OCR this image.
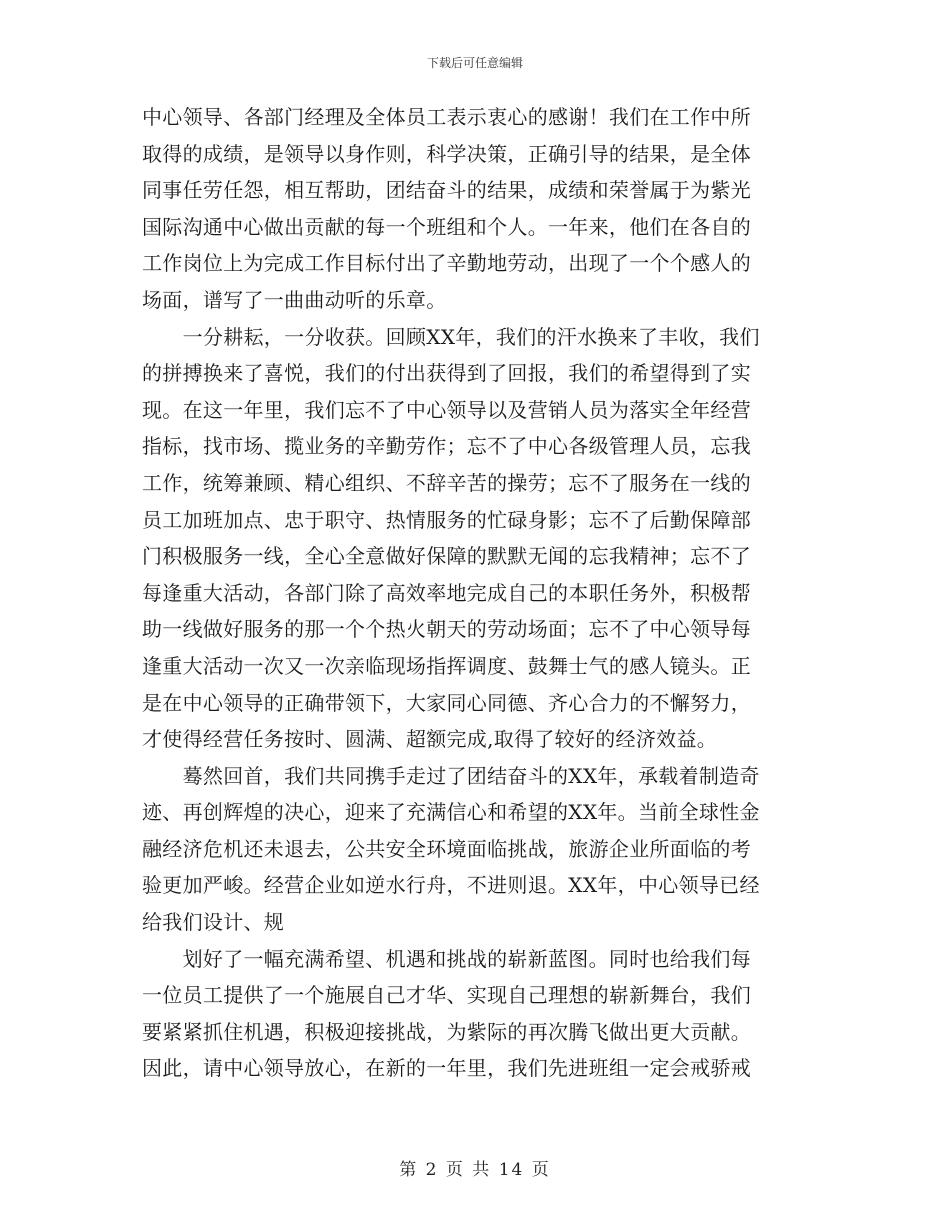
下载后可任意编辑
中心领导、各部门经理及全体员工表示衷心的感谢！我们在工作中所
取得的成绩，是领导以身作则，科学决策，正确引导的结果，是全体
同事任劳任怨，相互帮助，团结奋斗的结果，成绩和荣誉属于为紫光
国际沟通中心做出贡献的每一个班组和个人。一年来，他们在各自的
工作岗位上为完成工作目标付出了辛勤地劳动，出现了一个个感人的
场面，谱写了一曲曲动听的乐章。
　　一分耕耘，一分收获。回顾XX年，我们的汗水换来了丰收，我们
的拼搏换来了喜悦，我们的付出获得到了回报，我们的希望得到了实
现。在这一年里，我们忘不了中心领导以及营销人员为落实全年经营
指标，找市场、揽业务的辛勤劳作；忘不了中心各级管理人员，忘我
工作，统筹兼顾、精心组织、不辞辛苦的操劳；忘不了服务在一线的
员工加班加点、忠于职守、热情服务的忙碌身影；忘不了后勤保障部
门积极服务一线，全心全意做好保障的默默无闻的忘我精神；忘不了
每逢重大活动，各部门除了高效率地完成自己的本职任务外，积极帮
助一线做好服务的那一个个热火朝天的劳动场面；忘不了中心领导每
逢重大活动一次又一次亲临现场指挥调度、鼓舞士气的感人镜头。正
是在中心领导的正确带领下，大家同心同德、齐心合力的不懈努力，
才使得经营任务按时、圆满、超额完成,取得了较好的经济效益。
　　蓦然回首，我们共同携手走过了团结奋斗的XX年，承载着制造奇
迹、再创辉煌的决心，迎来了充满信心和希望的XX年。当前全球性金
融经济危机还未退去，公共安全环境面临挑战，旅游企业所面临的考
验更加严峻。经营企业如逆水行舟，不进则退。XX年，中心领导已经
给我们设计、规
　　划好了一幅充满希望、机遇和挑战的崭新蓝图。同时也给我们每
一位员工提供了一个施展自己才华、实现自己理想的崭新舞台，我们
要紧紧抓住机遇，积极迎接挑战，为紫际的再次腾飞做出更大贡献。
因此，请中心领导放心，在新的一年里，我们先进班组一定会戒骄戒
第 2 页 共 14 页
